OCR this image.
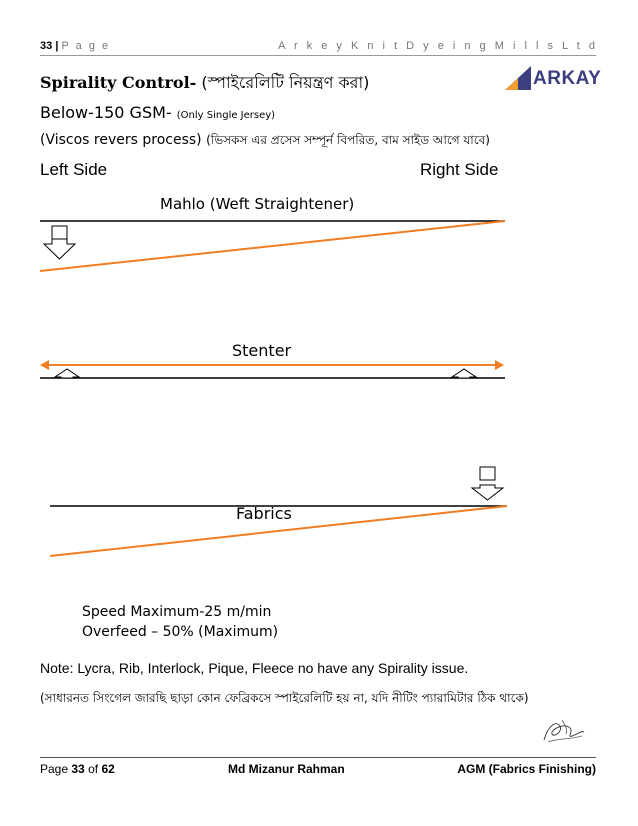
33 | P a g e	A r k e y K n i t D y e i n g M i l l s L t d
Spirality Control- (স্পাইরেলিটি নিয়ন্ত্রণ করা)	ARKAY
Below-150 GSM- (Only Single Jersey)
(Viscos revers process) (ভিসকস এর প্রসেস সম্পূর্ন বিপরিত, বাম সাইড আগে যাবে)
Left Side	Right Side
Mahlo (Weft Straightener)
Stenter
Fabrics
Speed Maximum-25 m/min
Overfeed – 50% (Maximum)
Note: Lycra, Rib, Interlock, Pique, Fleece no have any Spirality issue.
(সাধারনত সিংগেল জারছি ছাড়া কোন ফেব্রিকসে স্পাইরেলিটি হয় না, যদি নীটিং প্যারামিটার ঠিক থাকে)
Page 33 of 62	Md Mizanur Rahman	AGM (Fabrics Finishing)
